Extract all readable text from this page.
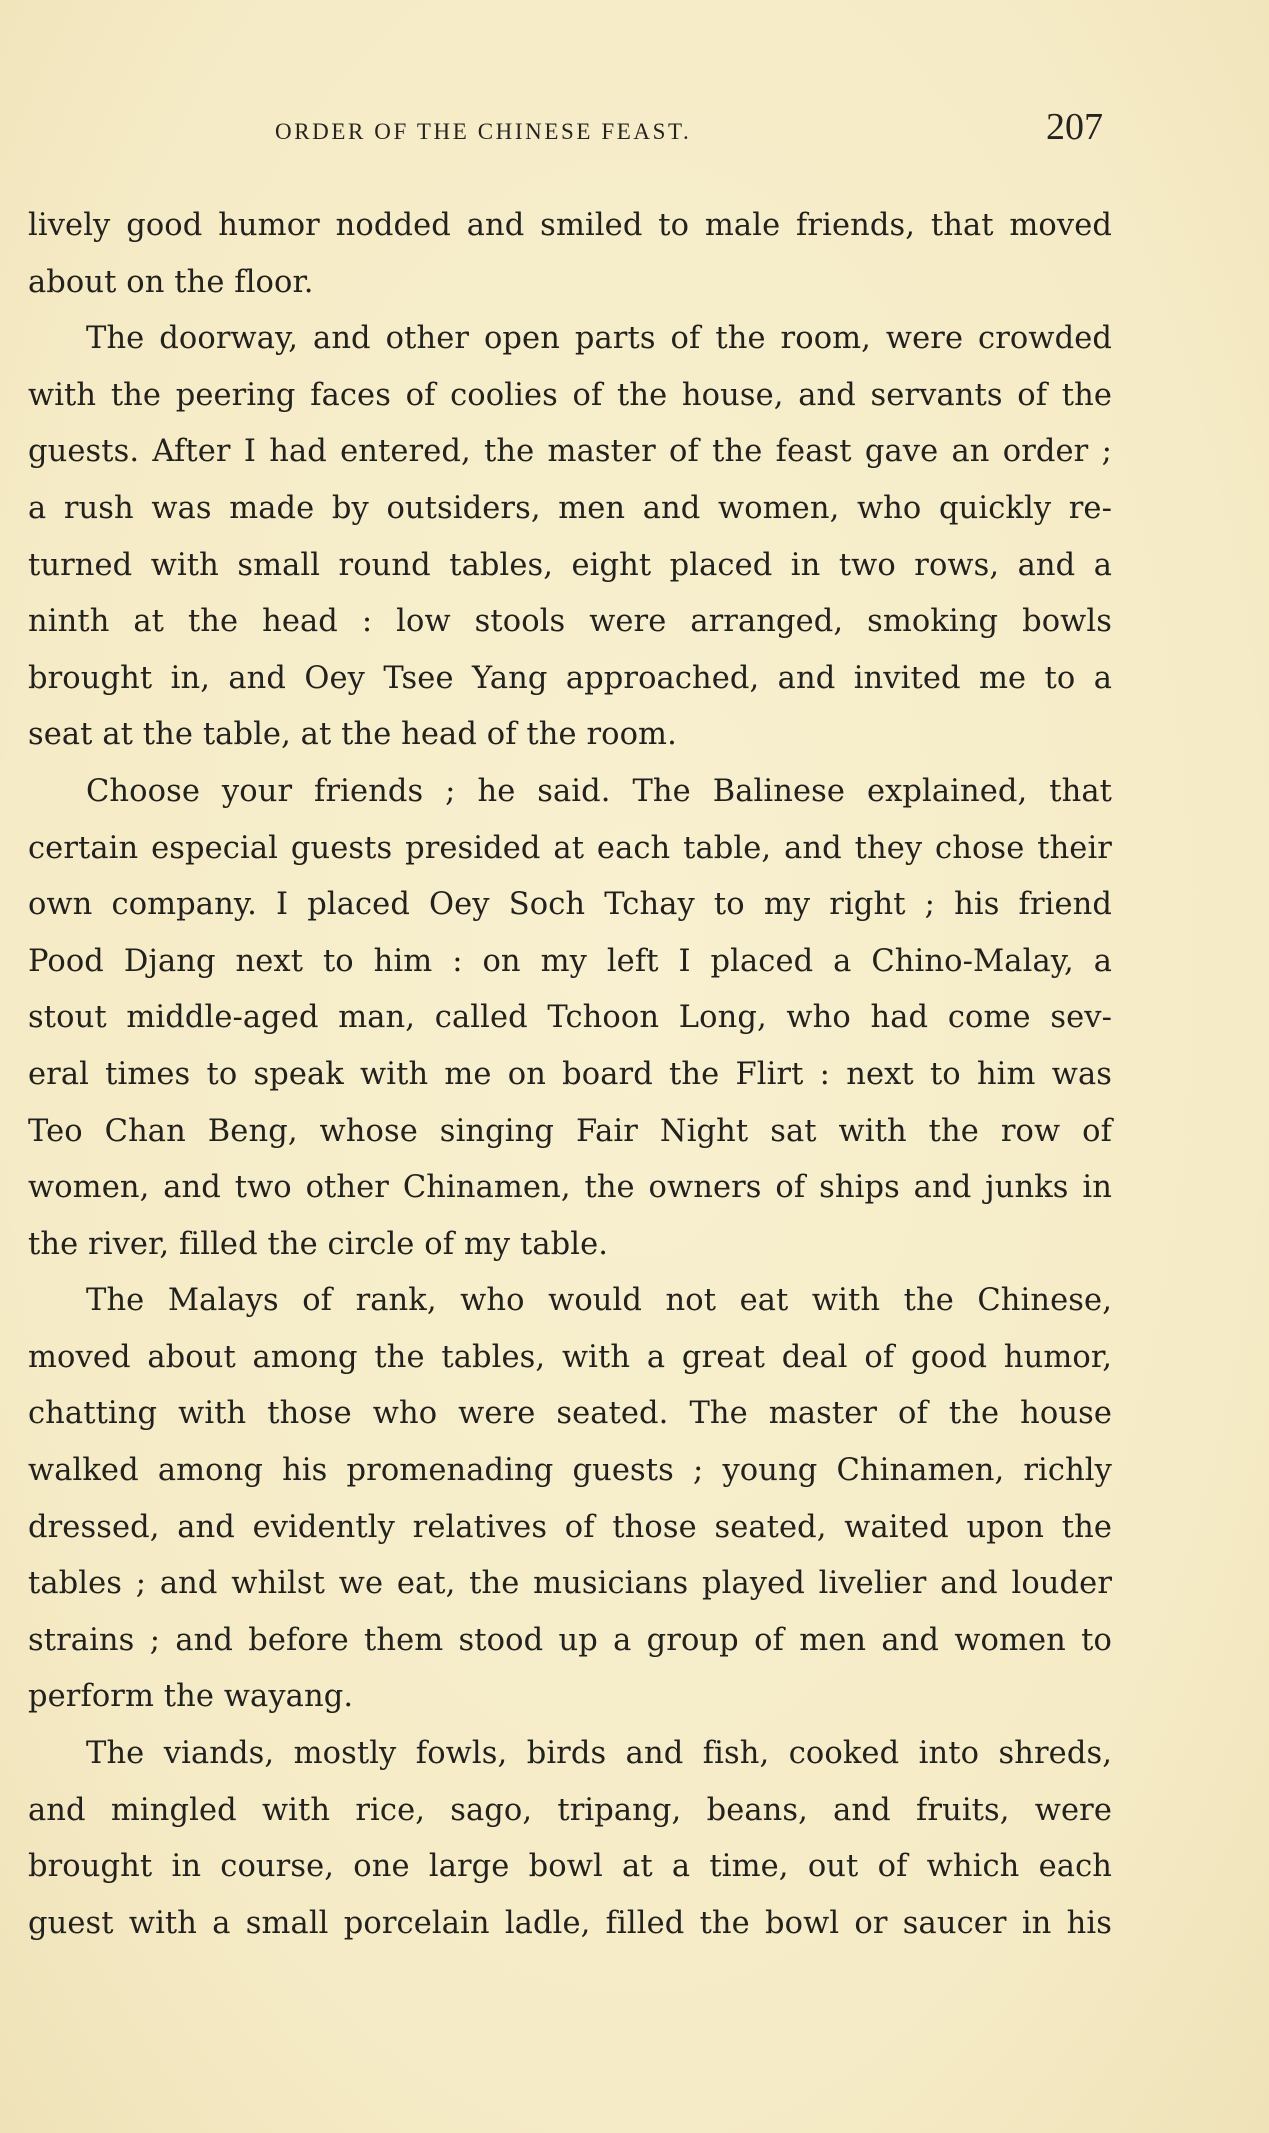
ORDER OF THE CHINESE FEAST.	207
lively good humor nodded and smiled to male friends, that moved
about on the floor.
The doorway, and other open parts of the room, were crowded
with the peering faces of coolies of the house, and servants of the
guests. After I had entered, the master of the feast gave an order ;
a rush was made by outsiders, men and women, who quickly re-
turned with small round tables, eight placed in two rows, and a
ninth at the head : low stools were arranged, smoking bowls
brought in, and Oey Tsee Yang approached, and invited me to a
seat at the table, at the head of the room.
Choose your friends ; he said. The Balinese explained, that
certain especial guests presided at each table, and they chose their
own company. I placed Oey Soch Tchay to my right ; his friend
Pood Djang next to him : on my left I placed a Chino-Malay, a
stout middle-aged man, called Tchoon Long, who had come sev-
eral times to speak with me on board the Flirt : next to him was
Teo Chan Beng, whose singing Fair Night sat with the row of
women, and two other Chinamen, the owners of ships and junks in
the river, filled the circle of my table.
The Malays of rank, who would not eat with the Chinese,
moved about among the tables, with a great deal of good humor,
chatting with those who were seated. The master of the house
walked among his promenading guests ; young Chinamen, richly
dressed, and evidently relatives of those seated, waited upon the
tables ; and whilst we eat, the musicians played livelier and louder
strains ; and before them stood up a group of men and women to
perform the wayang.
The viands, mostly fowls, birds and fish, cooked into shreds,
and mingled with rice, sago, tripang, beans, and fruits, were
brought in course, one large bowl at a time, out of which each
guest with a small porcelain ladle, filled the bowl or saucer in his
